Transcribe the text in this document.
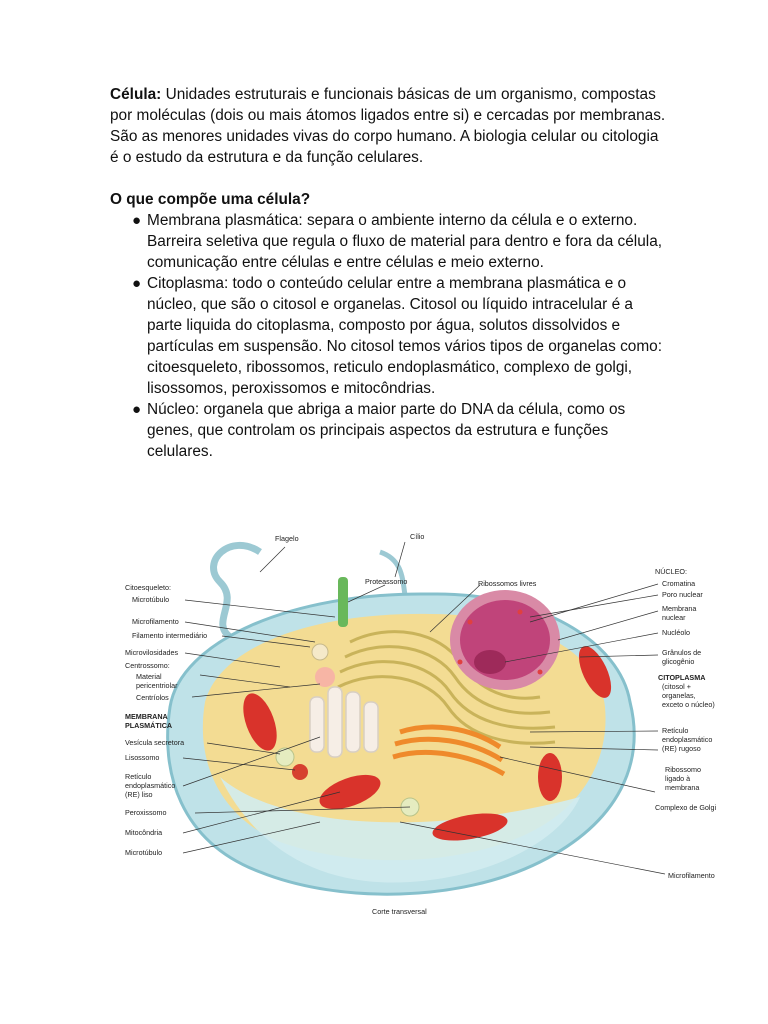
Célula: Unidades estruturais e funcionais básicas de um organismo, compostas por moléculas (dois ou mais átomos ligados entre si) e cercadas por membranas. São as menores unidades vivas do corpo humano. A biologia celular ou citologia é o estudo da estrutura e da função celulares.

O que compõe uma célula?

● Membrana plasmática: separa o ambiente interno da célula e o externo. Barreira seletiva que regula o fluxo de material para dentro e fora da célula, comunicação entre células e entre células e meio externo.
● Citoplasma: todo o conteúdo celular entre a membrana plasmática e o núcleo, que são o citosol e organelas. Citosol ou líquido intracelular é a parte liquida do citoplasma, composto por água, solutos dissolvidos e partículas em suspensão. No citosol temos vários tipos de organelas como: citoesqueleto, ribossomos, reticulo endoplasmático, complexo de golgi, lisossomos, peroxissomos e mitocôndrias.
● Núcleo: organela que abriga a maior parte do DNA da célula, como os genes, que controlam os principais aspectos da estrutura e funções celulares.
Flagelo	Cílio
Proteassomo	Ribossomos livres
Citoesqueleto:
Microtúbulo
Microfilamento
Filamento intermediário
Microvilosidades
Centrossomo:
Material
pericentriolar
Centríolos
MEMBRANA
PLASMÁTICA
Vesícula secretora
Lisossomo
Retículo
endoplasmático
(RE) liso
Peroxissomo
Mitocôndria
Microtúbulo
NÚCLEO:
Cromatina
Poro nuclear
Membrana
nuclear
Nucléolo
Grânulos de
glicogênio
CITOPLASMA
(citosol +
organelas,
exceto o núcleo)
Retículo
endoplasmático
(RE) rugoso
Ribossomo
ligado à
membrana
Complexo de Golgi
Microfilamento
Corte transversal
